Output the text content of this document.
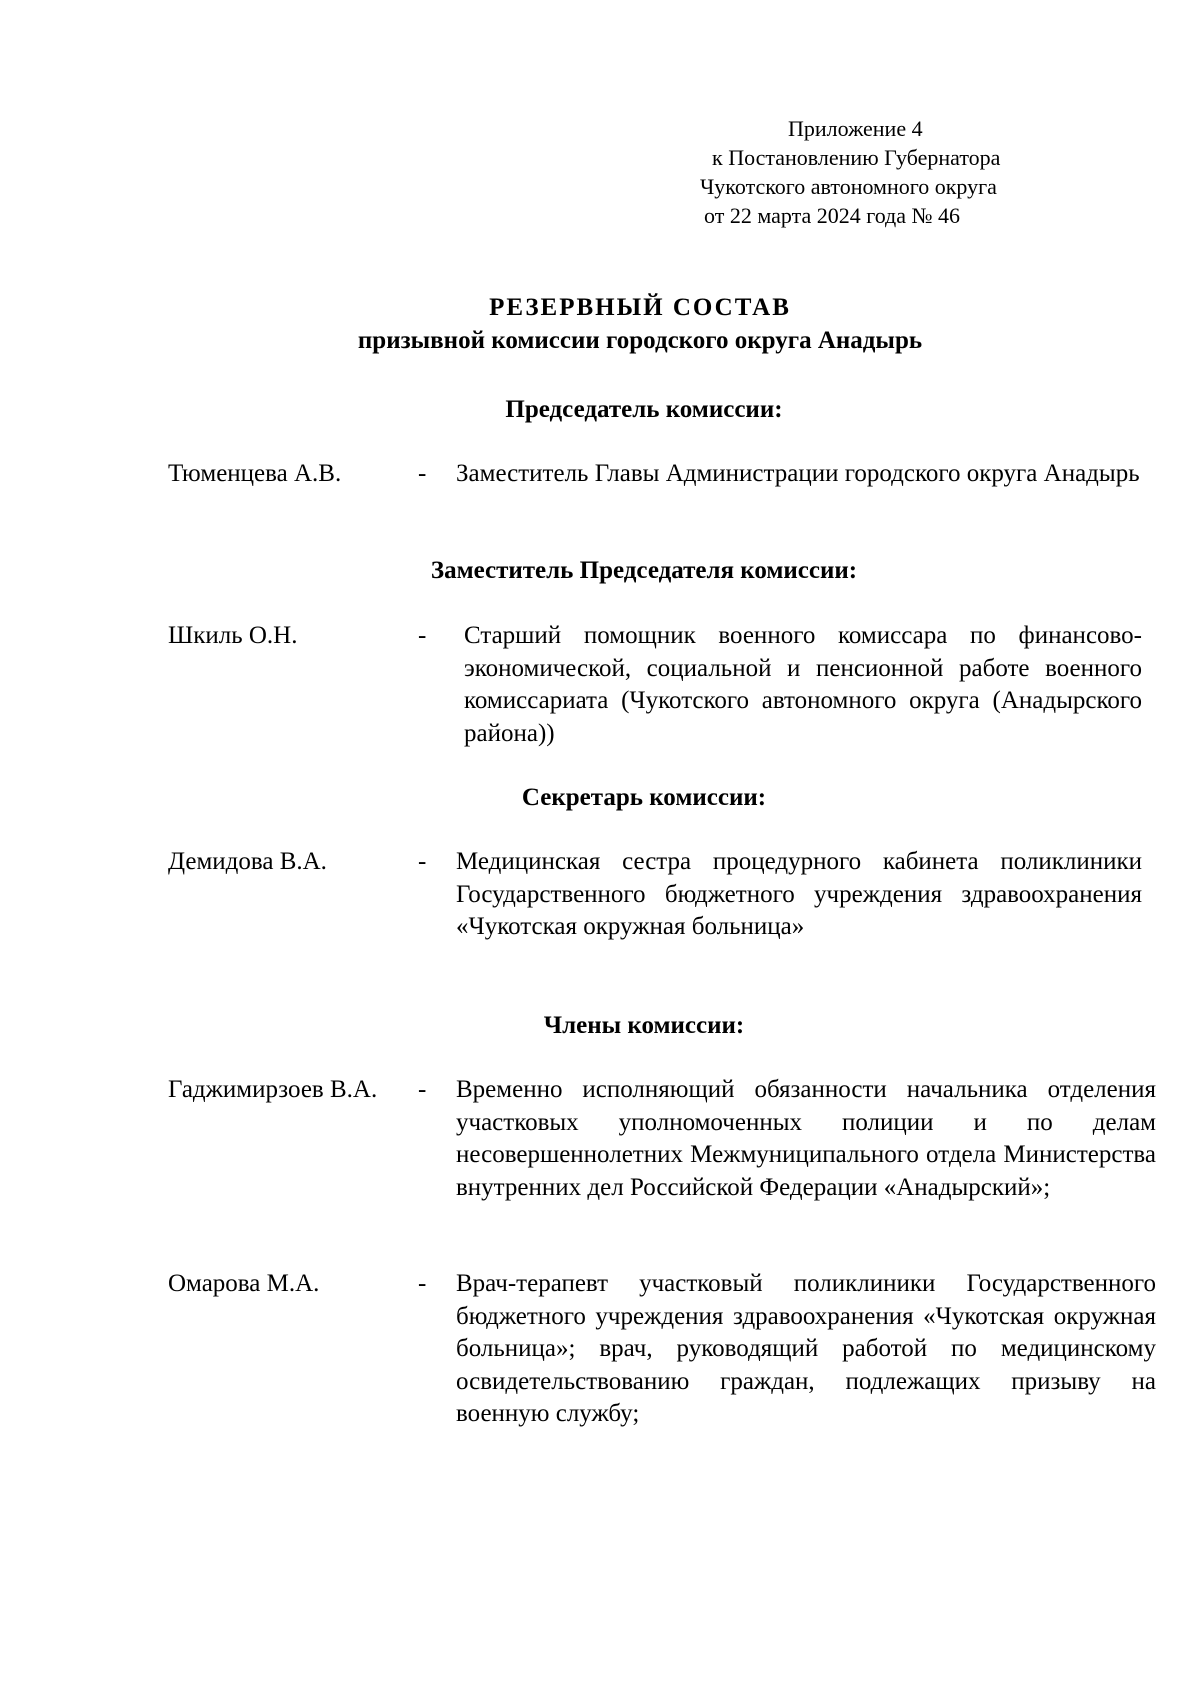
Приложение 4
к Постановлению Губернатора
Чукотского автономного округа
от 22 марта 2024 года № 46
РЕЗЕРВНЫЙ СОСТАВ
призывной комиссии городского округа Анадырь
Председатель комиссии:
Тюменцева А.В.	- Заместитель Главы Администрации городского округа Анадырь
Заместитель Председателя комиссии:
Шкиль О.Н.	- Старший помощник военного комиссара по финансово-экономической, социальной и пенсионной работе военного комиссариата (Чукотского автономного округа (Анадырского района))
Секретарь комиссии:
Демидова В.А.	- Медицинская сестра процедурного кабинета поликлиники Государственного бюджетного учреждения здравоохранения «Чукотская окружная больница»
Члены комиссии:
Гаджимирзоев В.А. - Временно исполняющий обязанности начальника отделения участковых уполномоченных полиции и по делам несовершеннолетних Межмуниципального отдела Министерства внутренних дел Российской Федерации «Анадырский»;
Омарова М.А.	- Врач-терапевт участковый поликлиники Государственного бюджетного учреждения здравоохранения «Чукотская окружная больница»; врач, руководящий работой по медицинскому освидетельствованию граждан, подлежащих призыву на военную службу;
